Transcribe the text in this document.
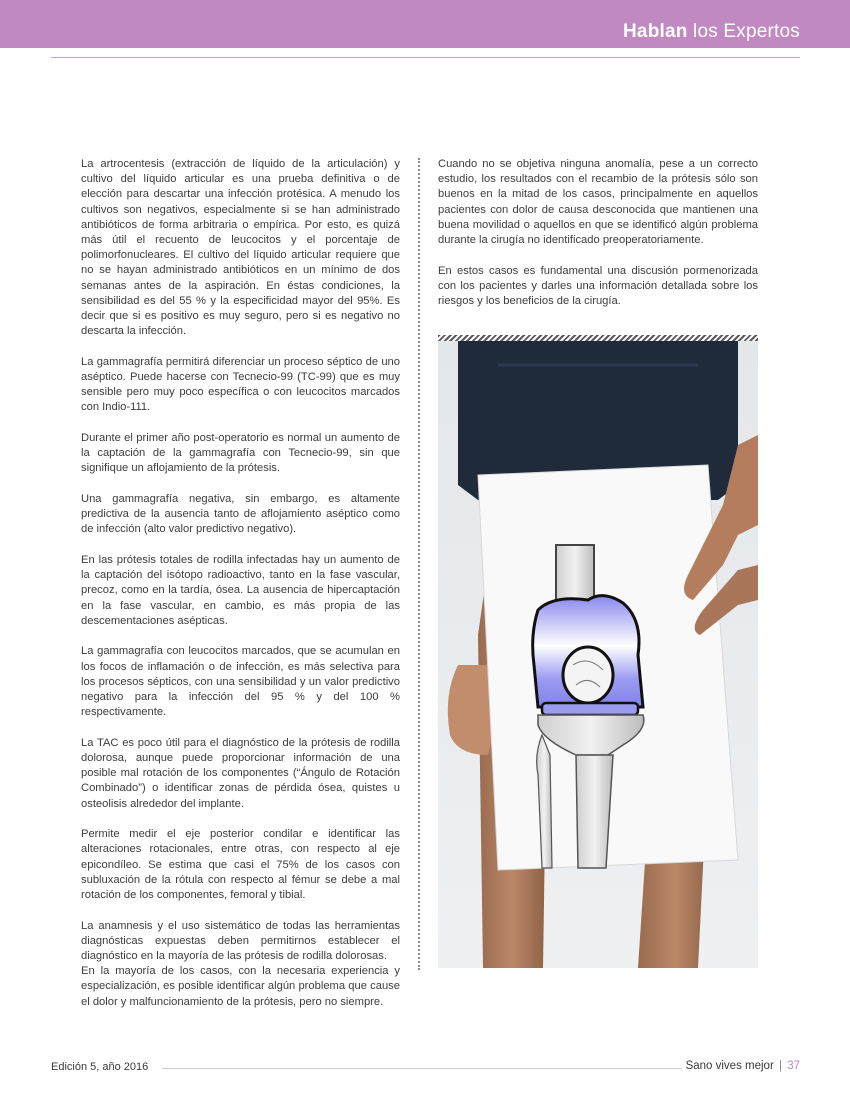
Hablan los Expertos

La artrocentesis (extracción de líquido de la articulación) y cultivo del líquido articular es una prueba definitiva o de elección para descartar una infección protésica. A menudo los cultivos son negativos, especialmente si se han administrado antibióticos de forma arbitraria o empírica. Por esto, es quizá más útil el recuento de leucocitos y el porcentaje de polimorfonucleares. El cultivo del líquido articular requiere que no se hayan administrado antibióticos en un mínimo de dos semanas antes de la aspiración. En éstas condiciones, la sensibilidad es del 55 % y la especificidad mayor del 95%. Es decir que si es positivo es muy seguro, pero si es negativo no descarta la infección.

La gammagrafía permitirá diferenciar un proceso séptico de uno aséptico. Puede hacerse con Tecnecio-99 (TC-99) que es muy sensible pero muy poco específica o con leucocitos marcados con Indio-111.

Durante el primer año post-operatorio es normal un aumento de la captación de la gammagrafía con Tecnecio-99, sin que signifique un aflojamiento de la prótesis.

Una gammagrafía negativa, sin embargo, es altamente predictiva de la ausencia tanto de aflojamiento aséptico como de infección (alto valor predictivo negativo).

En las prótesis totales de rodilla infectadas hay un aumento de la captación del isótopo radioactivo, tanto en la fase vascular, precoz, como en la tardía, ósea. La ausencia de hipercaptación en la fase vascular, en cambio, es más propia de las descementaciones asépticas.

La gammagrafía con leucocitos marcados, que se acumulan en los focos de inflamación o de infección, es más selectiva para los procesos sépticos, con una sensibilidad y un valor predictivo negativo para la infección del 95 % y del 100 % respectivamente.

La TAC es poco útil para el diagnóstico de la prótesis de rodilla dolorosa, aunque puede proporcionar información de una posible mal rotación de los componentes (“Ángulo de Rotación Combinado”) o identificar zonas de pérdida ósea, quistes u osteolisis alrededor del implante.

Permite medir el eje posterior condilar e identificar las alteraciones rotacionales, entre otras, con respecto al eje epicondíleo. Se estima que casi el 75% de los casos con subluxación de la rótula con respecto al fémur se debe a mal rotación de los componentes, femoral y tibial.

La anamnesis y el uso sistemático de todas las herramientas diagnósticas expuestas deben permitirnos establecer el diagnóstico en la mayoría de las prótesis de rodilla dolorosas.

En la mayoría de los casos, con la necesaria experiencia y especialización, es posible identificar algún problema que cause el dolor y malfuncionamiento de la prótesis, pero no siempre.

Cuando no se objetiva ninguna anomalía, pese a un correcto estudio, los resultados con el recambio de la prótesis sólo son buenos en la mitad de los casos, principalmente en aquellos pacientes con dolor de causa desconocida que mantienen una buena movilidad o aquellos en que se identificó algún problema durante la cirugía no identificado preoperatoriamente.

En estos casos es fundamental una discusión pormenorizada con los pacientes y darles una información detallada sobre los riesgos y los beneficios de la cirugía.

Edición 5, año 2016	Sano vives mejor | 37
